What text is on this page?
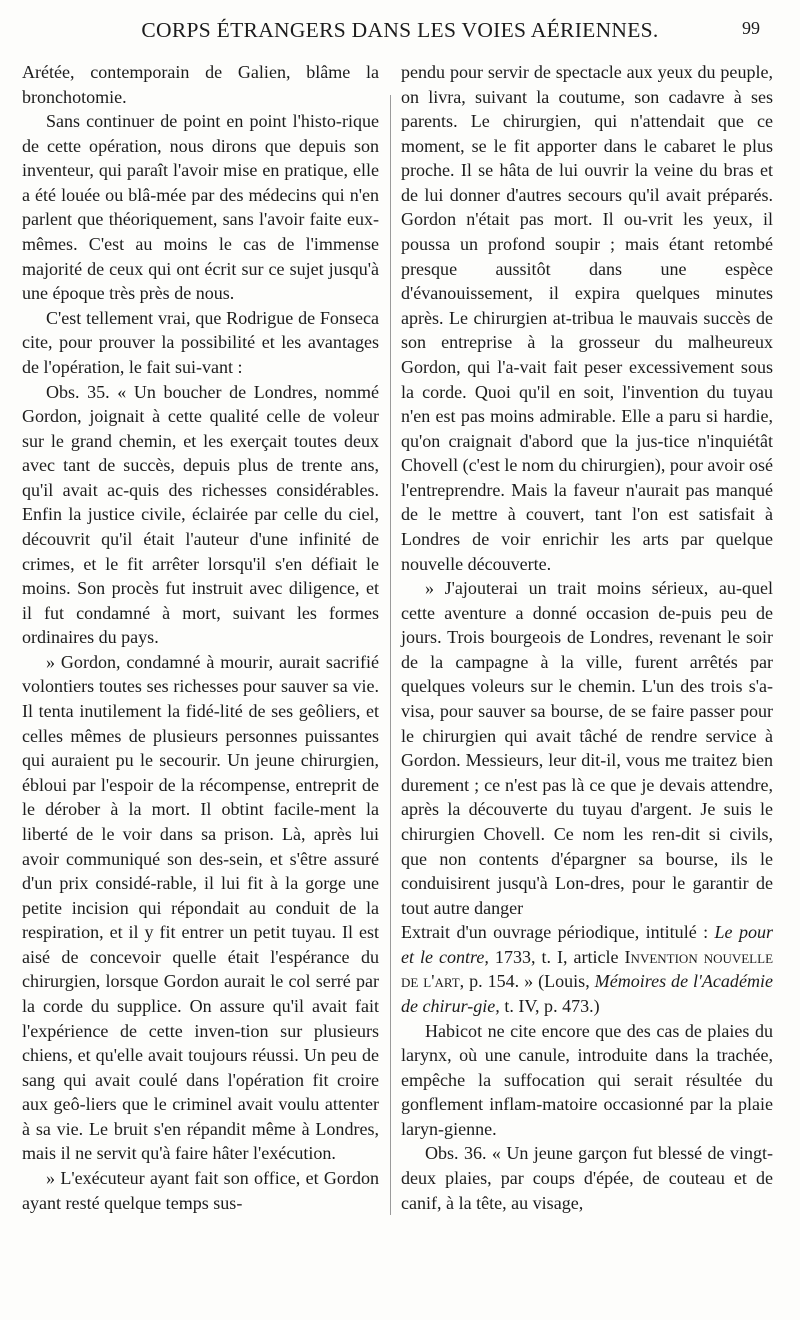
CORPS ÉTRANGERS DANS LES VOIES AÉRIENNES.	99

Arétée, contemporain de Galien, blâme la bronchotomie.

Sans continuer de point en point l'histo-rique de cette opération, nous dirons que depuis son inventeur, qui paraît l'avoir mise en pratique, elle a été louée ou blâ-mée par des médecins qui n'en parlent que théoriquement, sans l'avoir faite eux-mêmes. C'est au moins le cas de l'immense majorité de ceux qui ont écrit sur ce sujet jusqu'à une époque très près de nous.

C'est tellement vrai, que Rodrigue de Fonseca cite, pour prouver la possibilité et les avantages de l'opération, le fait sui-vant :

Obs. 35. « Un boucher de Londres, nommé Gordon, joignait à cette qualité celle de voleur sur le grand chemin, et les exerçait toutes deux avec tant de succès, depuis plus de trente ans, qu'il avait ac-quis des richesses considérables. Enfin la justice civile, éclairée par celle du ciel, découvrit qu'il était l'auteur d'une infinité de crimes, et le fit arrêter lorsqu'il s'en défiait le moins. Son procès fut instruit avec diligence, et il fut condamné à mort, suivant les formes ordinaires du pays.

» Gordon, condamné à mourir, aurait sacrifié volontiers toutes ses richesses pour sauver sa vie. Il tenta inutilement la fidé-lité de ses geôliers, et celles mêmes de plusieurs personnes puissantes qui auraient pu le secourir. Un jeune chirurgien, ébloui par l'espoir de la récompense, entreprit de le dérober à la mort. Il obtint facile-ment la liberté de le voir dans sa prison. Là, après lui avoir communiqué son des-sein, et s'être assuré d'un prix considé-rable, il lui fit à la gorge une petite incision qui répondait au conduit de la respiration, et il y fit entrer un petit tuyau. Il est aisé de concevoir quelle était l'espérance du chirurgien, lorsque Gordon aurait le col serré par la corde du supplice. On assure qu'il avait fait l'expérience de cette inven-tion sur plusieurs chiens, et qu'elle avait toujours réussi. Un peu de sang qui avait coulé dans l'opération fit croire aux geô-liers que le criminel avait voulu attenter à sa vie. Le bruit s'en répandit même à Londres, mais il ne servit qu'à faire hâter l'exécution.

» L'exécuteur ayant fait son office, et Gordon ayant resté quelque temps sus-

pendu pour servir de spectacle aux yeux du peuple, on livra, suivant la coutume, son cadavre à ses parents. Le chirurgien, qui n'attendait que ce moment, se le fit apporter dans le cabaret le plus proche. Il se hâta de lui ouvrir la veine du bras et de lui donner d'autres secours qu'il avait préparés. Gordon n'était pas mort. Il ou-vrit les yeux, il poussa un profond soupir ; mais étant retombé presque aussitôt dans une espèce d'évanouissement, il expira quelques minutes après. Le chirurgien at-tribua le mauvais succès de son entreprise à la grosseur du malheureux Gordon, qui l'a-vait fait peser excessivement sous la corde. Quoi qu'il en soit, l'invention du tuyau n'en est pas moins admirable. Elle a paru si hardie, qu'on craignait d'abord que la jus-tice n'inquiétât Chovell (c'est le nom du chirurgien), pour avoir osé l'entreprendre. Mais la faveur n'aurait pas manqué de le mettre à couvert, tant l'on est satisfait à Londres de voir enrichir les arts par quelque nouvelle découverte.

» J'ajouterai un trait moins sérieux, au-quel cette aventure a donné occasion de-puis peu de jours. Trois bourgeois de Londres, revenant le soir de la campagne à la ville, furent arrêtés par quelques voleurs sur le chemin. L'un des trois s'a-visa, pour sauver sa bourse, de se faire passer pour le chirurgien qui avait tâché de rendre service à Gordon. Messieurs, leur dit-il, vous me traitez bien durement ; ce n'est pas là ce que je devais attendre, après la découverte du tuyau d'argent. Je suis le chirurgien Chovell. Ce nom les ren-dit si civils, que non contents d'épargner sa bourse, ils le conduisirent jusqu'à Lon-dres, pour le garantir de tout autre danger

Extrait d'un ouvrage périodique, intitulé : Le pour et le contre, 1733, t. I, article Invention nouvelle de l'art, p. 154. » (Louis, Mémoires de l'Académie de chirur-gie, t. IV, p. 473.)

Habicot ne cite encore que des cas de plaies du larynx, où une canule, introduite dans la trachée, empêche la suffocation qui serait résultée du gonflement inflam-matoire occasionné par la plaie laryn-gienne.

Obs. 36. « Un jeune garçon fut blessé de vingt-deux plaies, par coups d'épée, de couteau et de canif, à la tête, au visage,
